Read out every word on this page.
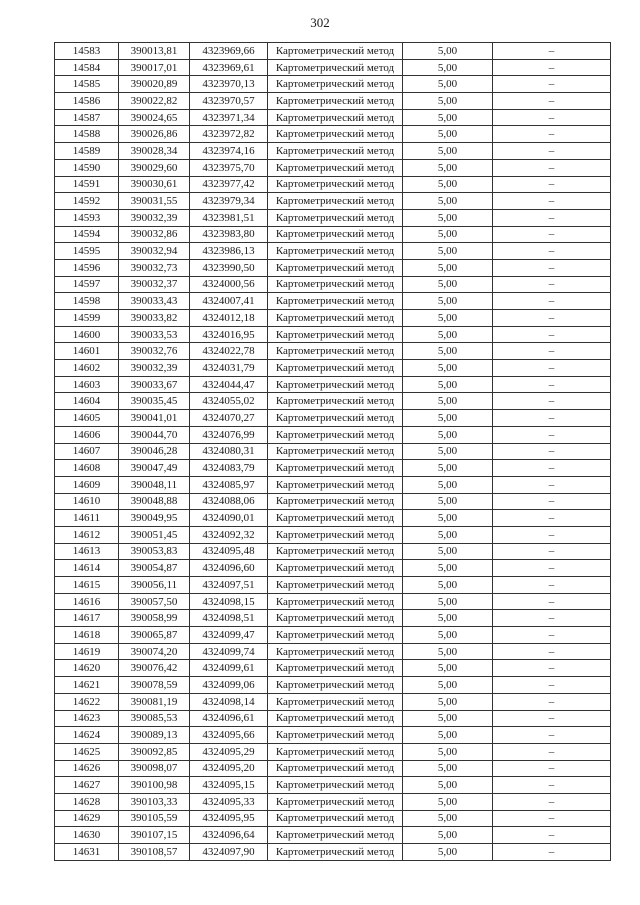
302
14583	390013,81	4323969,66	Картометрический метод	5,00	–
14584	390017,01	4323969,61	Картометрический метод	5,00	–
14585	390020,89	4323970,13	Картометрический метод	5,00	–
14586	390022,82	4323970,57	Картометрический метод	5,00	–
14587	390024,65	4323971,34	Картометрический метод	5,00	–
14588	390026,86	4323972,82	Картометрический метод	5,00	–
14589	390028,34	4323974,16	Картометрический метод	5,00	–
14590	390029,60	4323975,70	Картометрический метод	5,00	–
14591	390030,61	4323977,42	Картометрический метод	5,00	–
14592	390031,55	4323979,34	Картометрический метод	5,00	–
14593	390032,39	4323981,51	Картометрический метод	5,00	–
14594	390032,86	4323983,80	Картометрический метод	5,00	–
14595	390032,94	4323986,13	Картометрический метод	5,00	–
14596	390032,73	4323990,50	Картометрический метод	5,00	–
14597	390032,37	4324000,56	Картометрический метод	5,00	–
14598	390033,43	4324007,41	Картометрический метод	5,00	–
14599	390033,82	4324012,18	Картометрический метод	5,00	–
14600	390033,53	4324016,95	Картометрический метод	5,00	–
14601	390032,76	4324022,78	Картометрический метод	5,00	–
14602	390032,39	4324031,79	Картометрический метод	5,00	–
14603	390033,67	4324044,47	Картометрический метод	5,00	–
14604	390035,45	4324055,02	Картометрический метод	5,00	–
14605	390041,01	4324070,27	Картометрический метод	5,00	–
14606	390044,70	4324076,99	Картометрический метод	5,00	–
14607	390046,28	4324080,31	Картометрический метод	5,00	–
14608	390047,49	4324083,79	Картометрический метод	5,00	–
14609	390048,11	4324085,97	Картометрический метод	5,00	–
14610	390048,88	4324088,06	Картометрический метод	5,00	–
14611	390049,95	4324090,01	Картометрический метод	5,00	–
14612	390051,45	4324092,32	Картометрический метод	5,00	–
14613	390053,83	4324095,48	Картометрический метод	5,00	–
14614	390054,87	4324096,60	Картометрический метод	5,00	–
14615	390056,11	4324097,51	Картометрический метод	5,00	–
14616	390057,50	4324098,15	Картометрический метод	5,00	–
14617	390058,99	4324098,51	Картометрический метод	5,00	–
14618	390065,87	4324099,47	Картометрический метод	5,00	–
14619	390074,20	4324099,74	Картометрический метод	5,00	–
14620	390076,42	4324099,61	Картометрический метод	5,00	–
14621	390078,59	4324099,06	Картометрический метод	5,00	–
14622	390081,19	4324098,14	Картометрический метод	5,00	–
14623	390085,53	4324096,61	Картометрический метод	5,00	–
14624	390089,13	4324095,66	Картометрический метод	5,00	–
14625	390092,85	4324095,29	Картометрический метод	5,00	–
14626	390098,07	4324095,20	Картометрический метод	5,00	–
14627	390100,98	4324095,15	Картометрический метод	5,00	–
14628	390103,33	4324095,33	Картометрический метод	5,00	–
14629	390105,59	4324095,95	Картометрический метод	5,00	–
14630	390107,15	4324096,64	Картометрический метод	5,00	–
14631	390108,57	4324097,90	Картометрический метод	5,00	–
